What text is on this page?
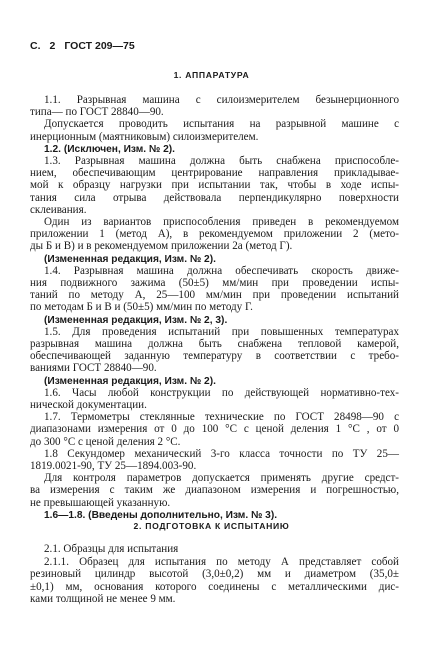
С. 2 ГОСТ 209—75
1. АППАРАТУРА
1.1. Разрывная машина с силоизмерителем безынерционного
типа— по ГОСТ 28840—90.
Допускается проводить испытания на разрывной машине с
инерционным (маятниковым) силоизмерителем.
1.2. (Исключен, Изм. № 2).
1.3. Разрывная машина должна быть снабжена приспособле-
нием, обеспечивающим центрирование направления прикладывае-
мой к образцу нагрузки при испытании так, чтобы в ходе испы-
тания сила отрыва действовала перпендикулярно поверхности
склеивания.
Один из вариантов приспособления приведен в рекомендуемом
приложении 1 (метод А), в рекомендуемом приложении 2 (мето-
ды Б и В) и в рекомендуемом приложении 2а (метод Г).
(Измененная редакция, Изм. № 2).
1.4. Разрывная машина должна обеспечивать скорость движе-
ния подвижного зажима (50±5) мм/мин при проведении испы-
таний по методу А, 25—100 мм/мин при проведении испытаний
по методам Б и В и (50±5) мм/мин по методу Г.
(Измененная редакция, Изм. № 2, 3).
1.5. Для проведения испытаний при повышенных температурах
разрывная машина должна быть снабжена тепловой камерой,
обеспечивающей заданную температуру в соответствии с требо-
ваниями ГОСТ 28840—90.
(Измененная редакция, Изм. № 2).
1.6. Часы любой конструкции по действующей нормативно-тех-
нической документации.
1.7. Термометры стеклянные технические по ГОСТ 28498—90 с
диапазонами измерения от 0 до 100 °С с ценой деления 1 °С , от 0
до 300 °С с ценой деления 2 °С.
1.8 Секундомер механический 3-го класса точности по ТУ 25—
1819.0021-90, ТУ 25—1894.003-90.
Для контроля параметров допускается применять другие средст-
ва измерения с таким же диапазоном измерения и погрешностью,
не превышающей указанную.
1.6—1.8. (Введены дополнительно, Изм. № 3).
2. ПОДГОТОВКА К ИСПЫТАНИЮ
2.1. Образцы для испытания
2.1.1. Образец для испытания по методу А представляет собой
резиновый цилиндр высотой (3,0±0,2) мм и диаметром (35,0±
±0,1) мм, основания которого соединены с металлическими дис-
ками толщиной не менее 9 мм.
